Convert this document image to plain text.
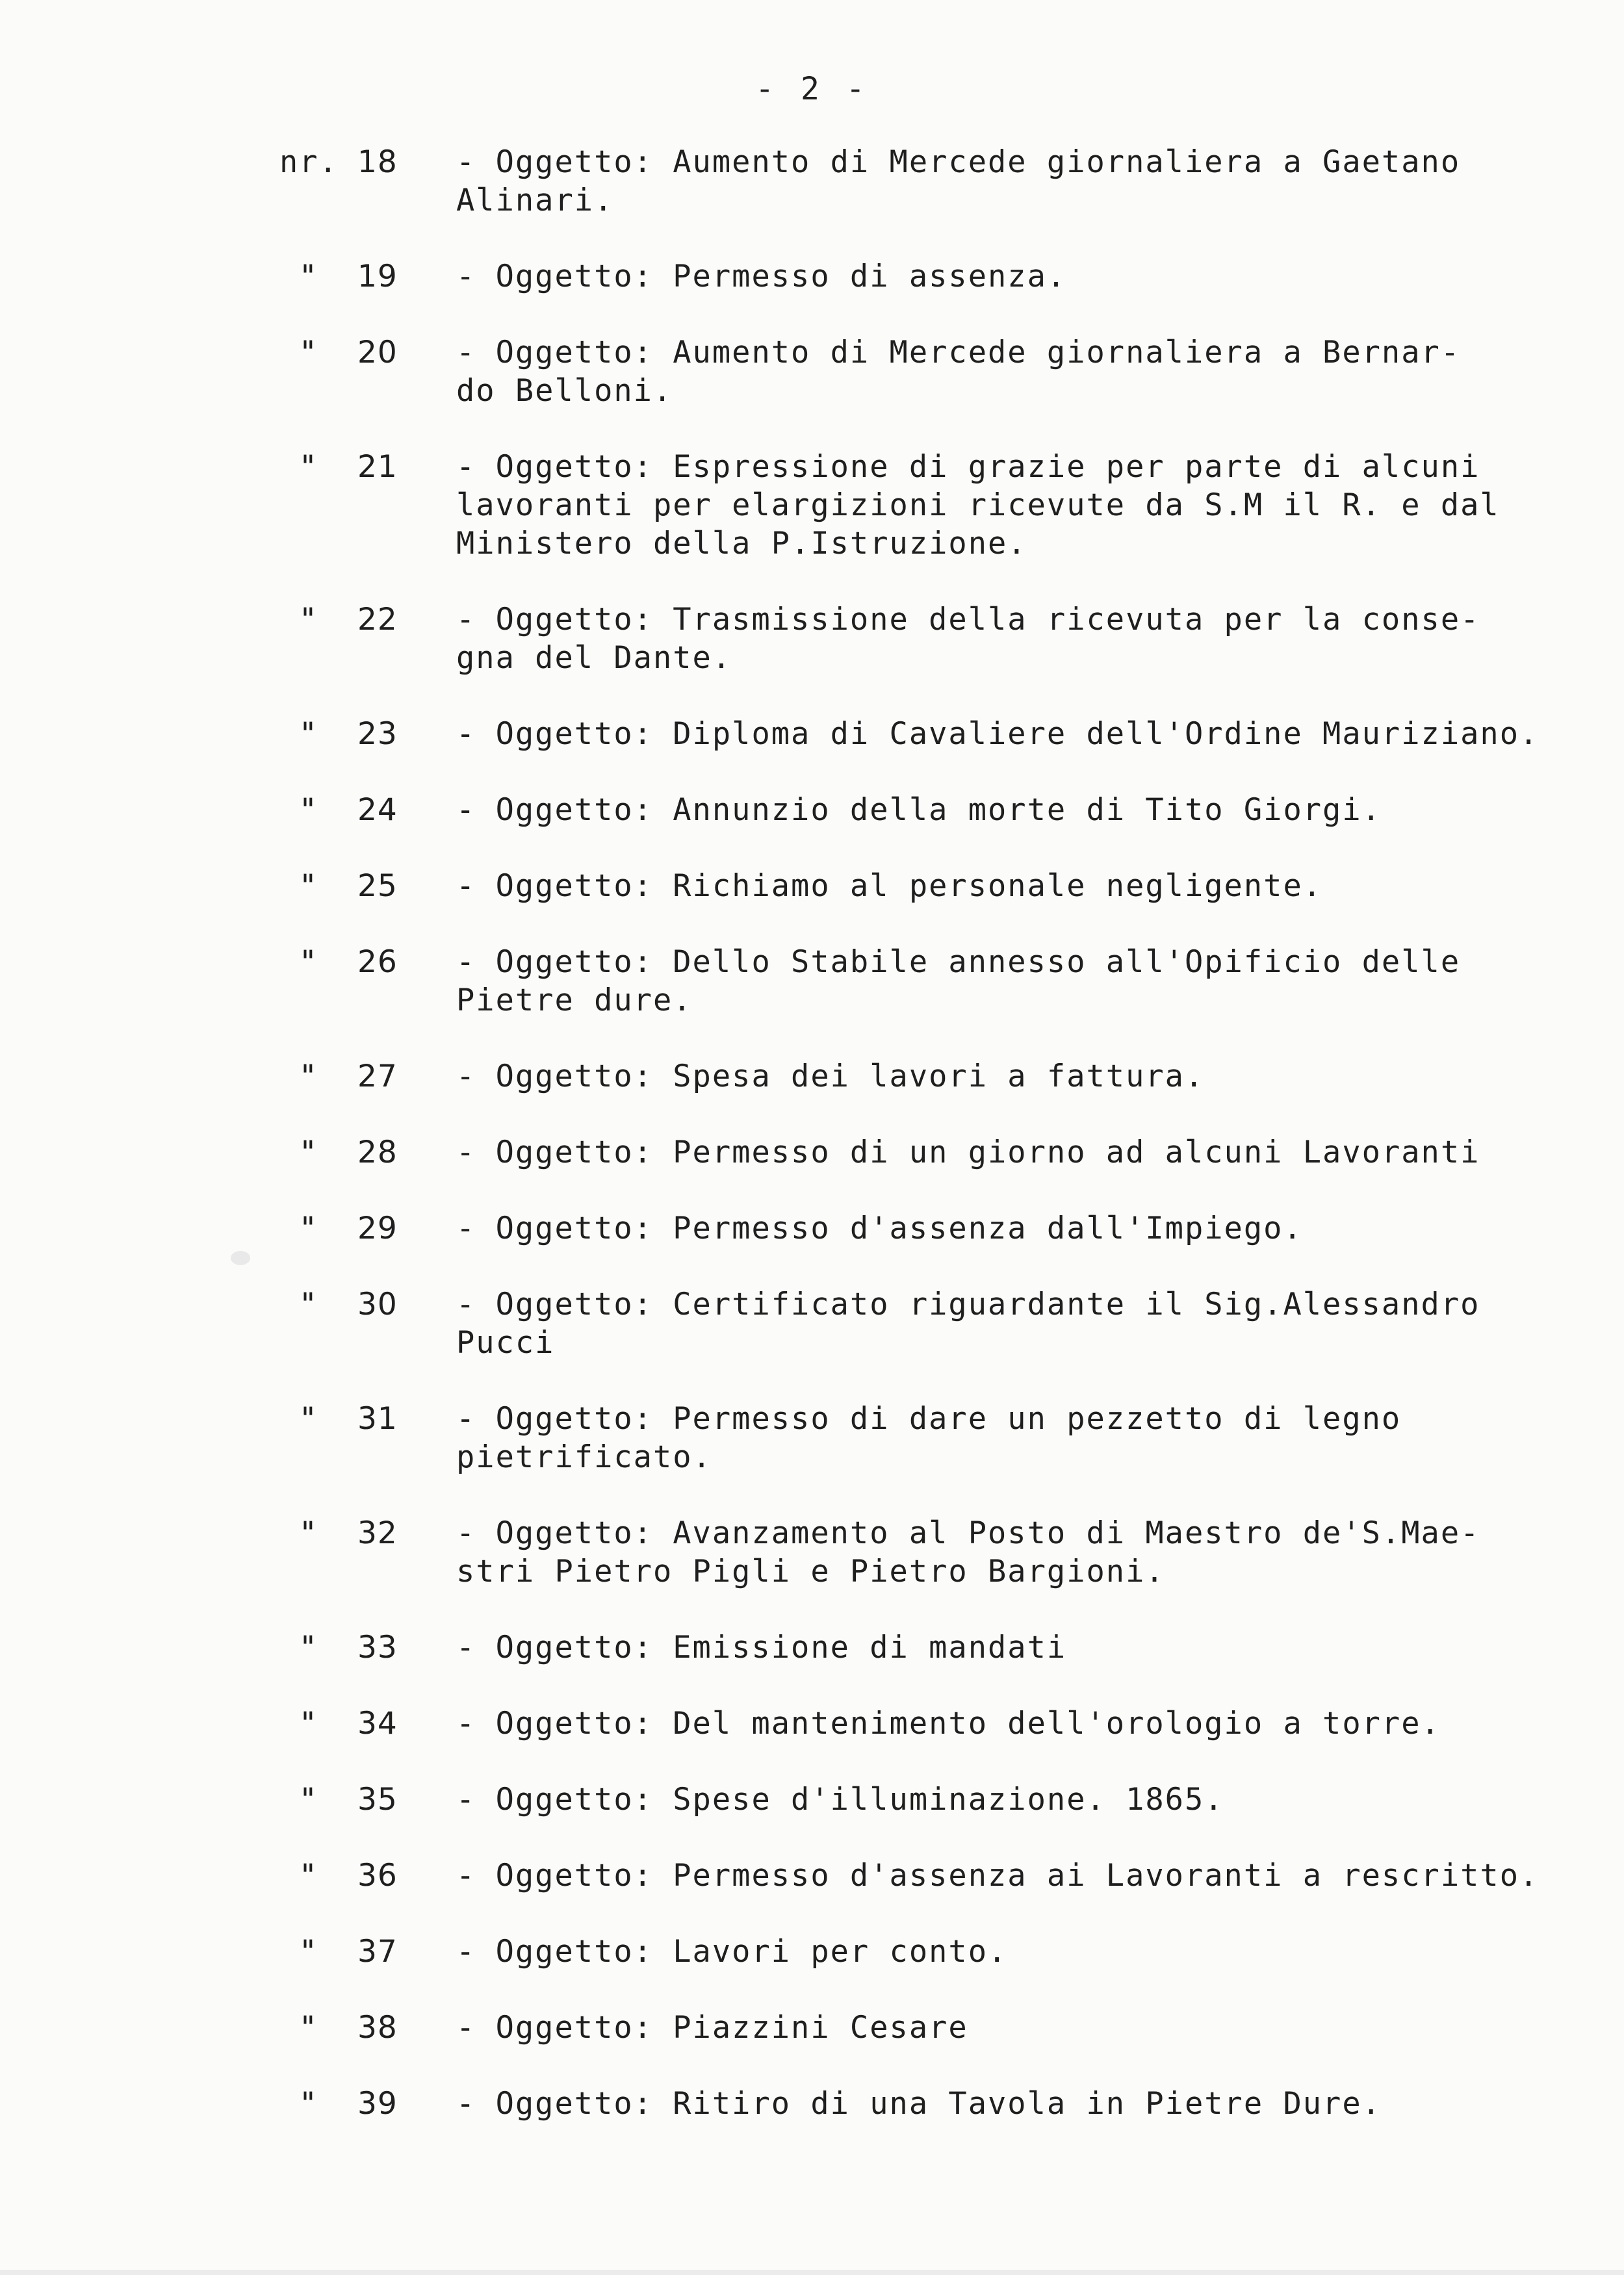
- 2 -
nr. 18	- Oggetto: Aumento di Mercede giornaliera a Gaetano
Alinari.
" 19	- Oggetto: Permesso di assenza.
" 20	- Oggetto: Aumento di Mercede giornaliera a Bernar-
do Belloni.
" 21	- Oggetto: Espressione di grazie per parte di alcuni
lavoranti per elargizioni ricevute da S.M il R. e dal
Ministero della P.Istruzione.
" 22	- Oggetto: Trasmissione della ricevuta per la conse-
gna del Dante.
" 23	- Oggetto: Diploma di Cavaliere dell'Ordine Mauriziano.
" 24	- Oggetto: Annunzio della morte di Tito Giorgi.
" 25	- Oggetto: Richiamo al personale negligente.
" 26	- Oggetto: Dello Stabile annesso all'Opificio delle
Pietre dure.
" 27	- Oggetto: Spesa dei lavori a fattura.
" 28	- Oggetto: Permesso di un giorno ad alcuni Lavoranti
" 29	- Oggetto: Permesso d'assenza dall'Impiego.
" 30	- Oggetto: Certificato riguardante il Sig.Alessandro
Pucci
" 31	- Oggetto: Permesso di dare un pezzetto di legno
pietrificato.
" 32	- Oggetto: Avanzamento al Posto di Maestro de'S.Mae-
stri Pietro Pigli e Pietro Bargioni.
" 33	- Oggetto: Emissione di mandati
" 34	- Oggetto: Del mantenimento dell'orologio a torre.
" 35	- Oggetto: Spese d'illuminazione. 1865.
" 36	- Oggetto: Permesso d'assenza ai Lavoranti a rescritto.
" 37	- Oggetto: Lavori per conto.
" 38	- Oggetto: Piazzini Cesare
" 39	- Oggetto: Ritiro di una Tavola in Pietre Dure.
